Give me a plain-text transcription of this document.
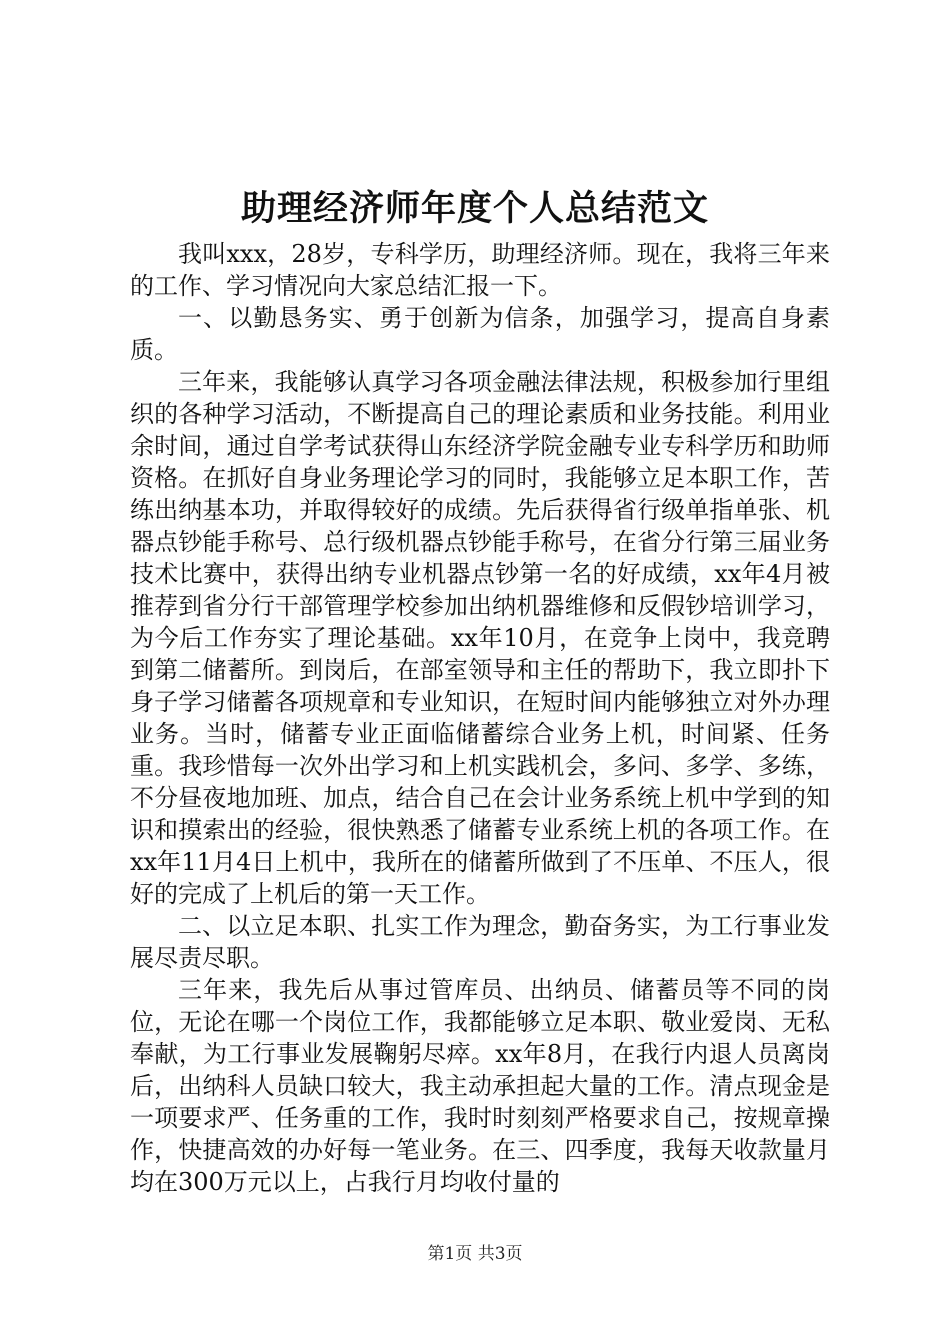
助理经济师年度个人总结范文

我叫xxx，28岁，专科学历，助理经济师。现在，我将三年来的工作、学习情况向大家总结汇报一下。

一、以勤恳务实、勇于创新为信条，加强学习，提高自身素质。

三年来，我能够认真学习各项金融法律法规，积极参加行里组织的各种学习活动，不断提高自己的理论素质和业务技能。利用业余时间，通过自学考试获得山东经济学院金融专业专科学历和助师资格。在抓好自身业务理论学习的同时，我能够立足本职工作，苦练出纳基本功，并取得较好的成绩。先后获得省行级单指单张、机器点钞能手称号、总行级机器点钞能手称号，在省分行第三届业务技术比赛中，获得出纳专业机器点钞第一名的好成绩，xx年4月被推荐到省分行干部管理学校参加出纳机器维修和反假钞培训学习，为今后工作夯实了理论基础。xx年10月，在竞争上岗中，我竞聘到第二储蓄所。到岗后，在部室领导和主任的帮助下，我立即扑下身子学习储蓄各项规章和专业知识，在短时间内能够独立对外办理业务。当时，储蓄专业正面临储蓄综合业务上机，时间紧、任务重。我珍惜每一次外出学习和上机实践机会，多问、多学、多练，不分昼夜地加班、加点，结合自己在会计业务系统上机中学到的知识和摸索出的经验，很快熟悉了储蓄专业系统上机的各项工作。在xx年11月4日上机中，我所在的储蓄所做到了不压单、不压人，很好的完成了上机后的第一天工作。

二、以立足本职、扎实工作为理念，勤奋务实，为工行事业发展尽责尽职。

三年来，我先后从事过管库员、出纳员、储蓄员等不同的岗位，无论在哪一个岗位工作，我都能够立足本职、敬业爱岗、无私奉献，为工行事业发展鞠躬尽瘁。xx年8月，在我行内退人员离岗后，出纳科人员缺口较大，我主动承担起大量的工作。清点现金是一项要求严、任务重的工作，我时时刻刻严格要求自己，按规章操作，快捷高效的办好每一笔业务。在三、四季度，我每天收款量月均在300万元以上，占我行月均收付量的

第1页 共3页
